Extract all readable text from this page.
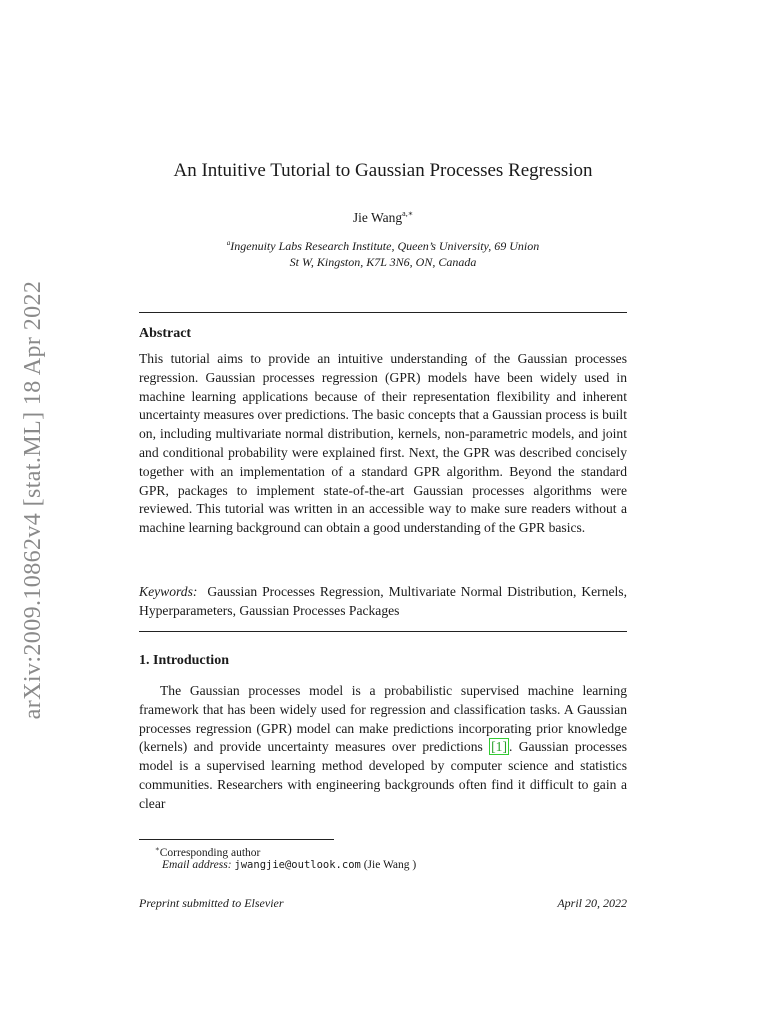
arXiv:2009.10862v4 [stat.ML] 18 Apr 2022
An Intuitive Tutorial to Gaussian Processes Regression
Jie Wang$^{a,∗}$
$^a$Ingenuity Labs Research Institute, Queen’s University, 69 Union
St W, Kingston, K7L 3N6, ON, Canada
Abstract
This tutorial aims to provide an intuitive understanding of the Gaussian processes regression. Gaussian processes regression (GPR) models have been widely used in machine learning applications because of their representation flexibility and inherent uncertainty measures over predictions. The basic concepts that a Gaussian process is built on, including multivariate normal distribution, kernels, non-parametric models, and joint and conditional probability were explained first. Next, the GPR was described concisely together with an implementation of a standard GPR algorithm. Beyond the standard GPR, packages to implement state-of-the-art Gaussian processes algorithms were reviewed. This tutorial was written in an accessible way to make sure readers without a machine learning background can obtain a good understanding of the GPR basics.
Keywords: Gaussian Processes Regression, Multivariate Normal Distribution, Kernels, Hyperparameters, Gaussian Processes Packages
1. Introduction
The Gaussian processes model is a probabilistic supervised machine learning framework that has been widely used for regression and classification tasks. A Gaussian processes regression (GPR) model can make predictions incorporating prior knowledge (kernels) and provide uncertainty measures over predictions [1] . Gaussian processes model is a supervised learning method developed by computer science and statistics communities. Researchers with engineering backgrounds often find it difficult to gain a clear
∗Corresponding author
Email address: jwangjie@outlook.com (Jie Wang )
Preprint submitted to Elsevier	April 20, 2022
